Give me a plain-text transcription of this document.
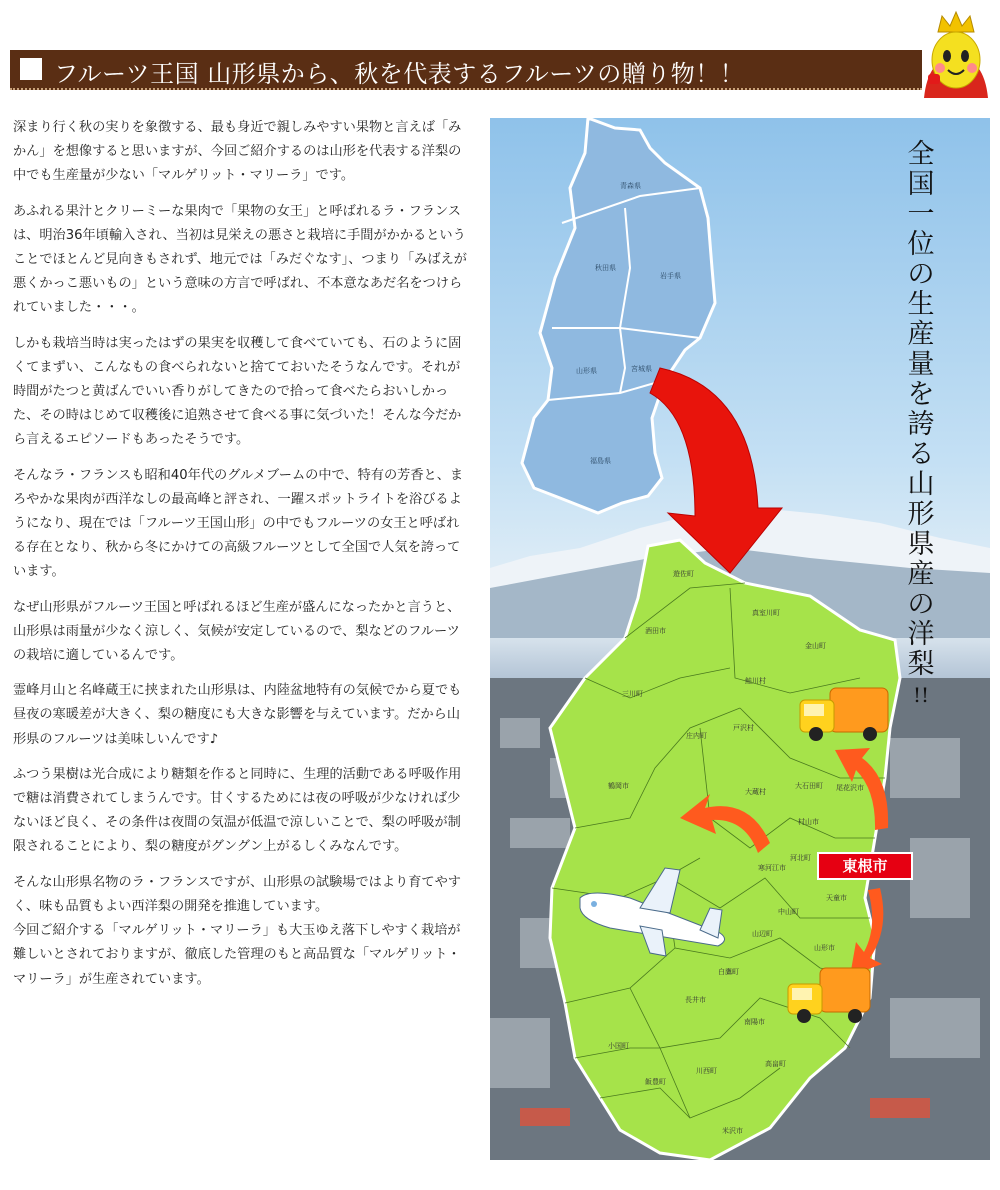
フルーツ王国 山形県から、秋を代表するフルーツの贈り物！！

深まり行く秋の実りを象徴する、最も身近で親しみやすい果物と言えば「みかん」を想像すると思いますが、今回ご紹介するのは山形を代表する洋梨の中でも生産量が少ない「マルゲリット・マリーラ」です。

あふれる果汁とクリーミーな果肉で「果物の女王」と呼ばれるラ・フランスは、明治36年頃輸入され、当初は見栄えの悪さと栽培に手間がかかるということでほとんど見向きもされず、地元では「みだぐなす」、つまり「みばえが悪くかっこ悪いもの」という意味の方言で呼ばれ、不本意なあだ名をつけられていました・・・。

しかも栽培当時は実ったはずの果実を収穫して食べていても、石のように固くてまずい、こんなもの食べられないと捨てておいたそうなんです。それが時間がたつと黄ばんでいい香りがしてきたので拾って食べたらおいしかった、その時はじめて収穫後に追熟させて食べる事に気づいた！そんな今だから言えるエピソードもあったそうです。

そんなラ・フランスも昭和40年代のグルメブームの中で、特有の芳香と、まろやかな果肉が西洋なしの最高峰と評され、一躍スポットライトを浴びるようになり、現在では「フルーツ王国山形」の中でもフルーツの女王と呼ばれる存在となり、秋から冬にかけての高級フルーツとして全国で人気を誇っています。

なぜ山形県がフルーツ王国と呼ばれるほど生産が盛んになったかと言うと、山形県は雨量が少なく涼しく、気候が安定しているので、梨などのフルーツの栽培に適しているんです。

霊峰月山と名峰蔵王に挟まれた山形県は、内陸盆地特有の気候でから夏でも昼夜の寒暖差が大きく、梨の糖度にも大きな影響を与えています。だから山形県のフルーツは美味しいんです♪

ふつう果樹は光合成により糖類を作ると同時に、生理的活動である呼吸作用で糖は消費されてしまうんです。甘くするためには夜の呼吸が少なければ少ないほど良く、その条件は夜間の気温が低温で涼しいことで、梨の呼吸が制限されることにより、梨の糖度がグングン上がるしくみなんです。

そんな山形県名物のラ・フランスですが、山形県の試験場ではより育てやすく、味も品質もよい西洋梨の開発を推進しています。

今回ご紹介する「マルゲリット・マリーラ」も大玉ゆえ落下しやすく栽培が難しいとされておりますが、徹底した管理のもと高品質な「マルゲリット・マリーラ」が生産されています。

青森県
秋田県
岩手県
山形県	宮城県
福島県
遊佐町
酒田市
真室川町
金山町
鮭川村
三川町
戸沢村
庄内町
鶴岡市
大蔵村
大石田町 尾花沢市
村山市
河北町
寒河江市
天童市
中山町
山辺町
山形市
白鷹町
長井市
南陽市
小国町
川西町
飯豊町
高畠町
米沢市
全
国
一
位
の
生
産
量
を
誇
る
山
形
県
産
の
洋
梨
!!
東根市
